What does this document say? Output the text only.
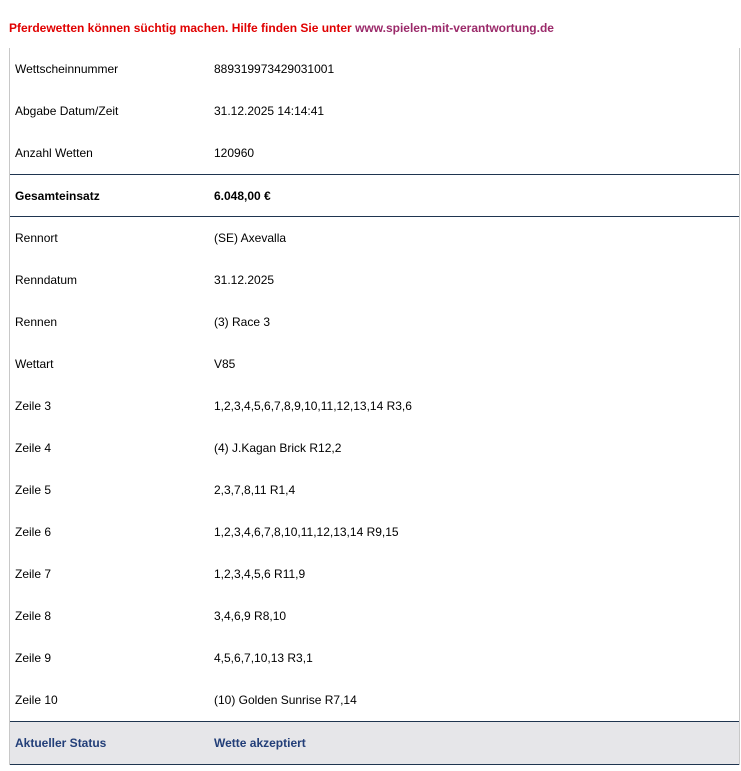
Pferdewetten können süchtig machen. Hilfe finden Sie unter www.spielen-mit-verantwortung.de
Wettscheinnummer	889319973429031001
Abgabe Datum/Zeit	31.12.2025 14:14:41
Anzahl Wetten	120960
Gesamteinsatz	6.048,00 €
Rennort	(SE) Axevalla
Renndatum	31.12.2025
Rennen	(3) Race 3
Wettart	V85
Zeile 3	1,2,3,4,5,6,7,8,9,10,11,12,13,14 R3,6
Zeile 4	(4) J.Kagan Brick R12,2
Zeile 5	2,3,7,8,11 R1,4
Zeile 6	1,2,3,4,6,7,8,10,11,12,13,14 R9,15
Zeile 7	1,2,3,4,5,6 R11,9
Zeile 8	3,4,6,9 R8,10
Zeile 9	4,5,6,7,10,13 R3,1
Zeile 10	(10) Golden Sunrise R7,14
Aktueller Status	Wette akzeptiert
